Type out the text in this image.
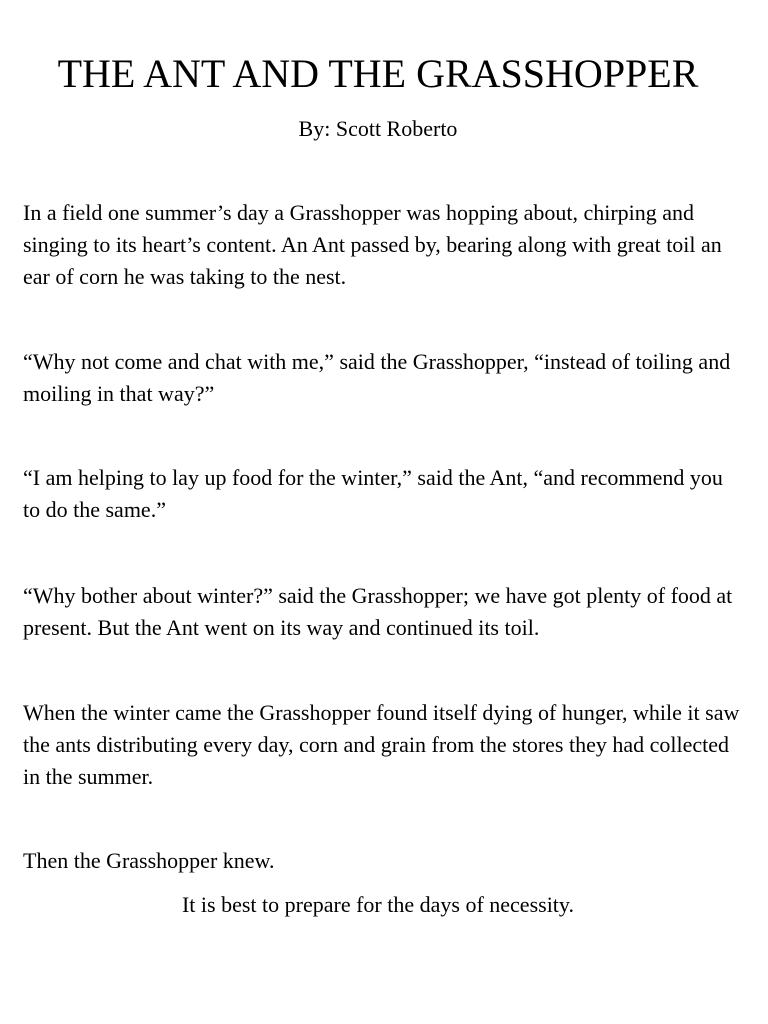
THE ANT AND THE GRASSHOPPER
By: Scott Roberto

In a field one summer’s day a Grasshopper was hopping about, chirping and singing to its heart’s content. An Ant passed by, bearing along with great toil an ear of corn he was taking to the nest.

“Why not come and chat with me,” said the Grasshopper, “instead of toiling and moiling in that way?”

“I am helping to lay up food for the winter,” said the Ant, “and recommend you to do the same.”

“Why bother about winter?” said the Grasshopper; we have got plenty of food at present. But the Ant went on its way and continued its toil.

When the winter came the Grasshopper found itself dying of hunger, while it saw the ants distributing every day, corn and grain from the stores they had collected in the summer.

Then the Grasshopper knew.

It is best to prepare for the days of necessity.
